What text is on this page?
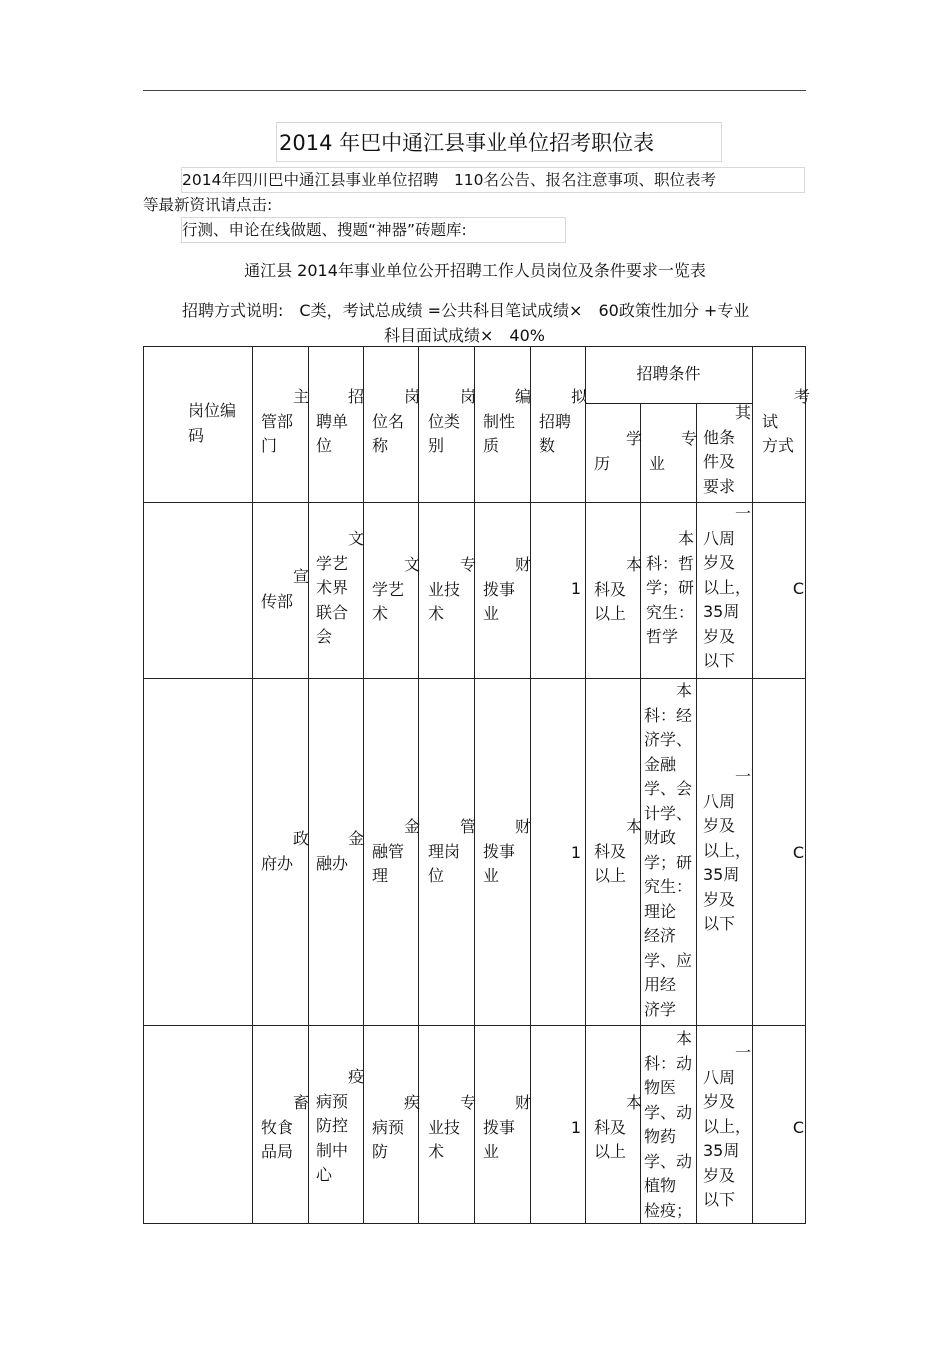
2014 年巴中通江县事业单位招考职位表
2014年四川巴中通江县事业单位招聘　110名公告、报名注意事项、职位表考
等最新资讯请点击:
行测、申论在线做题、搜题“神器”砖题库:
通江县 2014年事业单位公开招聘工作人员岗位及条件要求一览表
招聘方式说明:　C类，考试总成绩 =公共科目笔试成绩×　60政策性加分 +专业
科目面试成绩×　40%
岗位编
码
　　主
管部
门
　　招
聘单
位
　　岗
位名
称
　　岗
位类
别
　　编
制性
质
　　拟
招聘
数
招聘条件
　　学
历
　　专
业
　　其
他条
件及
要求
　　考
试
方式
　　宣
传部
　　文
学艺
术界
联合
会
　　文
学艺
术
　　专
业技
术
　　财
拨事
业
1
　　本
科及
以上
　　本
科：哲
学；研
究生：
哲学
　　一
八周
岁及
以上，
35周
岁及
以下
C
　　政
府办
　　金
融办
　　金
融管
理
　　管
理岗
位
　　财
拨事
业
1
　　本
科及
以上
　　本
科：经
济学、
金融
学、会
计学、
财政
学；研
究生：
理论
经济
学、应
用经
济学
　　一
八周
岁及
以上，
35周
岁及
以下
C
　　畜
牧食
品局
　　疫
病预
防控
制中
心
　　疾
病预
防
　　专
业技
术
　　财
拨事
业
1
　　本
科及
以上
　　本
科：动
物医
学、动
物药
学、动
植物
检疫；
　　一
八周
岁及
以上，
35周
岁及
以下
C
